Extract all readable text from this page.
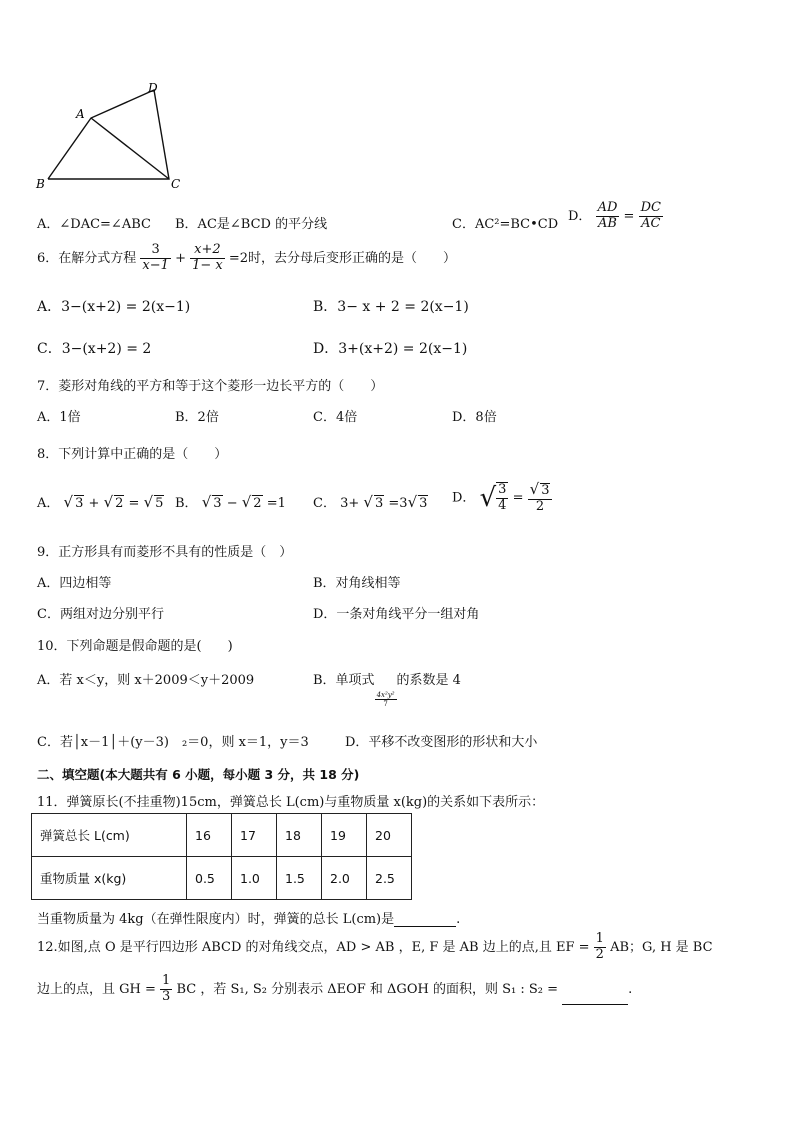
A
B	C
D
A．∠DAC=∠ABC B．AC是∠BCD 的平分线	C．AC²=BC•CD
D． $\frac{AD}{AB} = \frac{DC}{AC}$
6．在解分式方程 $\frac{3}{x-1} + \frac{x+2}{1- x} =2$时，去分母后变形正确的是（　　）
A．3−(x+2) = 2(x−1)	B．3− x + 2 = 2(x−1)
C．3−(x+2) = 2	D．3+(x+2) = 2(x−1)
7．菱形对角线的平方和等于这个菱形一边长平方的（　　）
A．1倍	B．2倍	C．4倍	D．8倍
8．下列计算中正确的是（　　）
A． √ 3 + √ 2 = √ 5 B． √ 3 − √ 2 =1 C． 3+ √ 3 =3√ 3 D． √ $\frac{3}{4} = \frac{√ 3}{2}$
9．正方形具有而菱形不具有的性质是（　）
A．四边相等	B．对角线相等
C．两组对边分别平行	D．一条对角线平分一组对角
10．下列命题是假命题的是(　　)
A．若 x＜y，则 x＋2009＜y＋2009	B．单项式
$\frac{\text{4x²y²}}{7}$
的系数是 4
C．若│x－1│＋(y－3)　₂＝0，则 x＝1，y＝3	D．平移不改变图形的形状和大小
二、填空题(本大题共有 6 小题，每小题 3 分，共 18 分)
11．弹簧原长(不挂重物)15cm，弹簧总长 L(cm)与重物质量 x(kg)的关系如下表所示：
弹簧总长 L(cm)	16	17	18	19	20
重物质量 x(kg)	0.5	1.0	1.5	2.0	2.5
当重物质量为 4kg（在弹性限度内）时，弹簧的总长 L(cm)是	.
12.如图,点 O 是平行四边形 ABCD 的对角线交点，AD > AB ，E, F 是 AB 边上的点,且 EF = $\frac{1}{2}$ AB；G, H 是 BC
边上的点，且 GH = $\frac{1}{3}$ BC ，若 S₁, S₂ 分别表示 ΔEOF 和 ΔGOH 的面积，则 S₁ : S₂ =	.
